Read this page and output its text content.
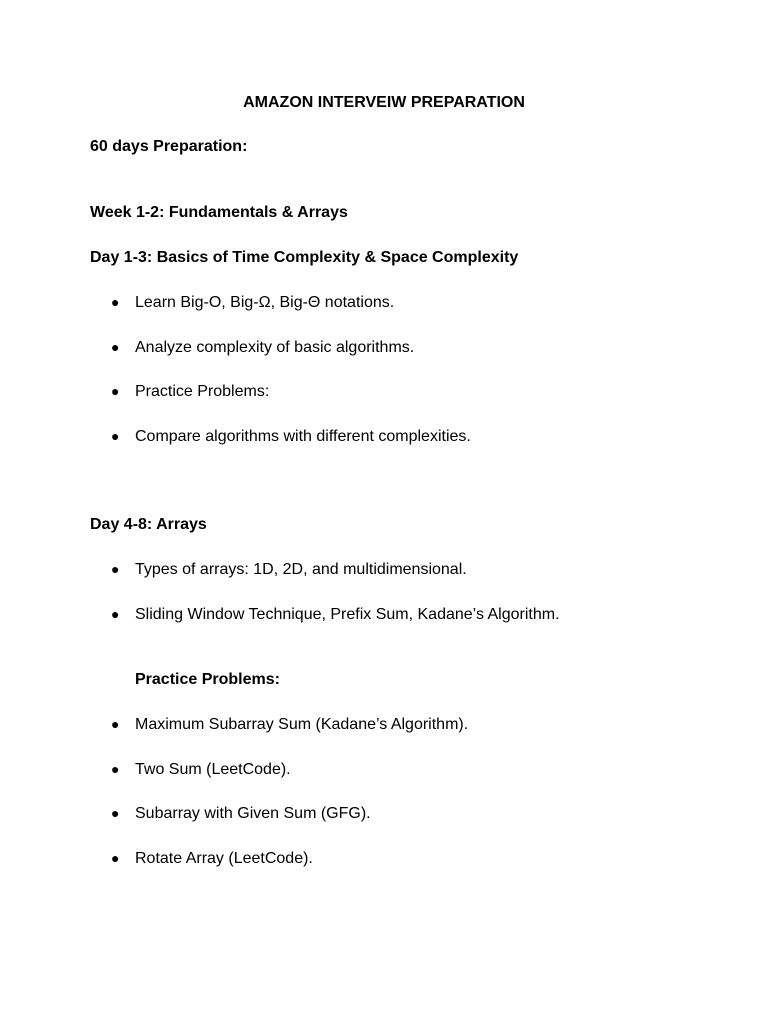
AMAZON INTERVEIW PREPARATION
60 days Preparation:
Week 1-2: Fundamentals & Arrays
Day 1-3: Basics of Time Complexity & Space Complexity
● Learn Big-O, Big-Ω, Big-Θ notations.
● Analyze complexity of basic algorithms.
● Practice Problems:
● Compare algorithms with different complexities.
Day 4-8: Arrays
● Types of arrays: 1D, 2D, and multidimensional.
● Sliding Window Technique, Prefix Sum, Kadane’s Algorithm.
Practice Problems:
● Maximum Subarray Sum (Kadane’s Algorithm).
● Two Sum (LeetCode).
● Subarray with Given Sum (GFG).
● Rotate Array (LeetCode).
